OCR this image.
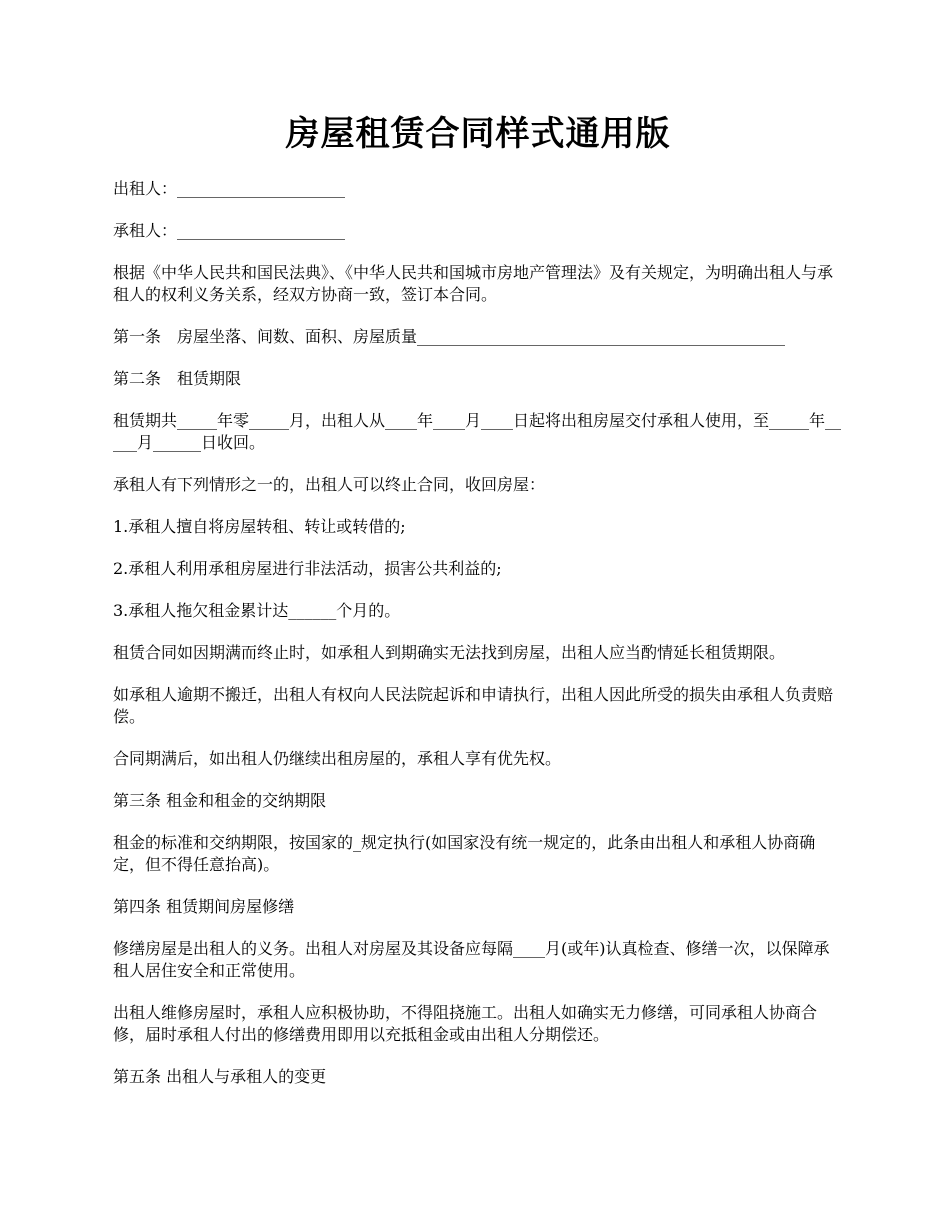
房屋租赁合同样式通用版

出租人：_____________________

承租人：_____________________

根据《中华人民共和国民法典》、《中华人民共和国城市房地产管理法》及有关规定，为明确出租人与承租人的权利义务关系，经双方协商一致，签订本合同。

第一条　房屋坐落、间数、面积、房屋质量______________________________________________

第二条　租赁期限

租赁期共_____年零_____月，出租人从____年____月____日起将出租房屋交付承租人使用，至_____年_____月______日收回。

承租人有下列情形之一的，出租人可以终止合同，收回房屋：

1.承租人擅自将房屋转租、转让或转借的;

2.承租人利用承租房屋进行非法活动，损害公共利益的;

3.承租人拖欠租金累计达______个月的。

租赁合同如因期满而终止时，如承租人到期确实无法找到房屋，出租人应当酌情延长租赁期限。

如承租人逾期不搬迁，出租人有权向人民法院起诉和申请执行，出租人因此所受的损失由承租人负责赔偿。

合同期满后，如出租人仍继续出租房屋的，承租人享有优先权。

第三条 租金和租金的交纳期限

租金的标准和交纳期限，按国家的_规定执行(如国家没有统一规定的，此条由出租人和承租人协商确定，但不得任意抬高)。

第四条 租赁期间房屋修缮

修缮房屋是出租人的义务。出租人对房屋及其设备应每隔____月(或年)认真检查、修缮一次，以保障承租人居住安全和正常使用。

出租人维修房屋时，承租人应积极协助，不得阻挠施工。出租人如确实无力修缮，可同承租人协商合修，届时承租人付出的修缮费用即用以充抵租金或由出租人分期偿还。

第五条 出租人与承租人的变更
